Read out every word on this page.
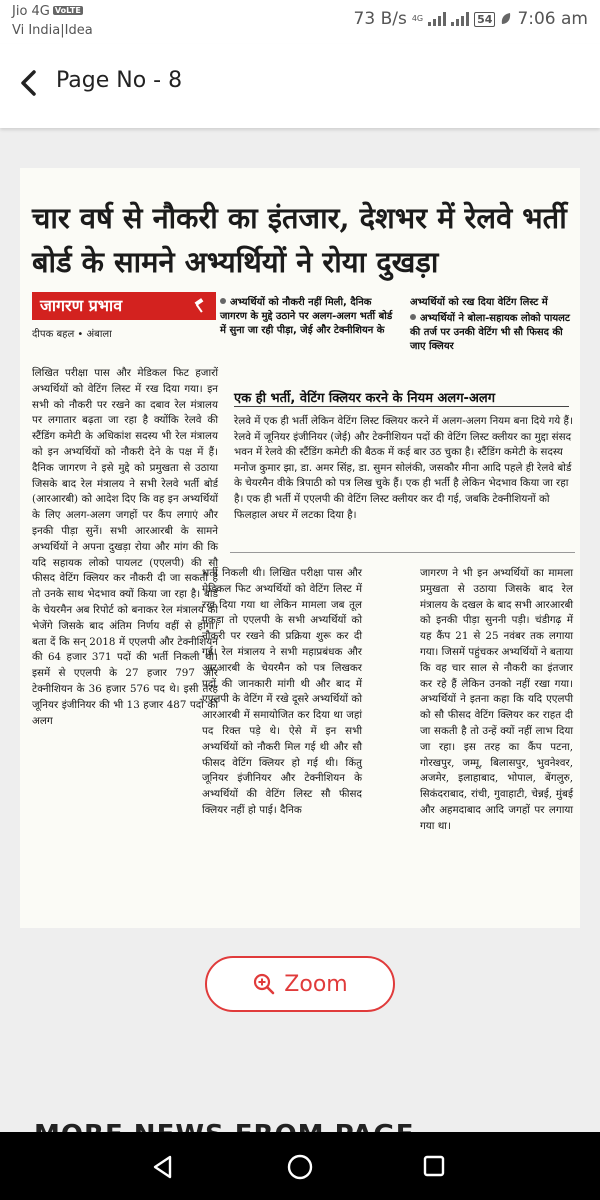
Jio 4G VoLTE
Vi India|Idea
73 B/s 4G	54 7:06 am
Page No - 8
चार वर्ष से नौकरी का इंतजार, देशभर में रेलवे भर्ती बोर्ड के सामने अभ्यर्थियों ने रोया दुखड़ा
जागरण प्रभाव
दीपक बहल • अंबाला
अभ्यर्थियों को नौकरी नहीं मिली, दैनिक जागरण के मुद्दे उठाने पर अलग-अलग भर्ती बोर्ड में सुना जा रही पीड़ा, जेई और टेक्नीशियन के
अभ्यर्थियों को रख दिया वेटिंग लिस्ट में
अभ्यर्थियों ने बोला-सहायक लोको पायलट की तर्ज पर उनकी वेटिंग भी सौ फिसद की जाए क्लियर
लिखित परीक्षा पास और मेडिकल फिट हजारों अभ्यर्थियों को वेटिंग लिस्ट में रख दिया गया। इन सभी को नौकरी पर रखने का दबाव रेल मंत्रालय पर लगातार बढ़ता जा रहा है क्योंकि रेलवे की स्टैंडिंग कमेटी के अधिकांश सदस्य भी रेल मंत्रालय को इन अभ्यर्थियों को नौकरी देने के पक्ष में हैं। दैनिक जागरण ने इसे मुद्दे को प्रमुखता से उठाया जिसके बाद रेल मंत्रालय ने सभी रेलवे भर्ती बोर्ड (आरआरबी) को आदेश दिए कि वह इन अभ्यर्थियों के लिए अलग-अलग जगहों पर कैंप लगाएं और इनकी पीड़ा सुनें। सभी आरआरबी के सामने अभ्यर्थियों ने अपना दुखड़ा रोया और मांग की कि यदि सहायक लोको पायलट (एएलपी) की सौ फीसद वेटिंग क्लियर कर नौकरी दी जा सकती है तो उनके साथ भेदभाव क्यों किया जा रहा है। बोर्ड के चेयरमैन अब रिपोर्ट को बनाकर रेल मंत्रालय को भेजेंगे जिसके बाद अंतिम निर्णय वहीं से होगा। बता दें कि सन् 2018 में एएलपी और टेक्नीशियन की 64 हजार 371 पदों की भर्ती निकली थी। इसमें से एएलपी के 27 हजार 797 और टेक्नीशियन के 36 हजार 576 पद थे। इसी तरह जूनियर इंजीनियर की भी 13 हजार 487 पदों की अलग
एक ही भर्ती, वेटिंग क्लियर करने के नियम अलग-अलग
रेलवे में एक ही भर्ती लेकिन वेटिंग लिस्ट क्लियर करने में अलग-अलग नियम बना दिये गये हैं। रेलवे में जूनियर इंजीनियर (जेई) और टेक्नीशियन पदों की वेटिंग लिस्ट क्लीयर का मुद्दा संसद भवन में रेलवे की स्टैंडिंग कमेटी की बैठक में कई बार उठ चुका है। स्टैंडिंग कमेटी के सदस्य मनोज कुमार झा, डा. अमर सिंह, डा. सुमन सोलंकी, जसकौर मीना आदि पहले ही रेलवे बोर्ड के चेयरमैन वीके त्रिपाठी को पत्र लिख चुके हैं। एक ही भर्ती है लेकिन भेदभाव किया जा रहा है। एक ही भर्ती में एएलपी की वेटिंग लिस्ट क्लीयर कर दी गई, जबकि टेक्नीशियनों को फिलहाल अधर में लटका दिया है।
भर्ती निकली थी। लिखित परीक्षा पास और मेडिकल फिट अभ्यर्थियों को वेटिंग लिस्ट में रख दिया गया था लेकिन मामला जब तूल पकड़ा तो एएलपी के सभी अभ्यर्थियों को नौकरी पर रखने की प्रक्रिया शुरू कर दी गई। रेल मंत्रालय ने सभी महाप्रबंधक और आरआरबी के चेयरमैन को पत्र लिखकर पदों की जानकारी मांगी थी और बाद में एएलपी के वेटिंग में रखे दूसरे अभ्यर्थियों को आरआरबी में समायोजित कर दिया था जहां पद रिक्त पड़े थे। ऐसे में इन सभी अभ्यर्थियों को नौकरी मिल गई थी और सौ फीसद वेटिंग क्लियर हो गई थी। किंतु जूनियर इंजीनियर और टेक्नीशियन के अभ्यर्थियों की वेटिंग लिस्ट सौ फीसद क्लियर नहीं हो पाई। दैनिक
जागरण ने भी इन अभ्यर्थियों का मामला प्रमुखता से उठाया जिसके बाद रेल मंत्रालय के दखल के बाद सभी आरआरबी को इनकी पीड़ा सुननी पड़ी। चंडीगढ़ में यह कैंप 21 से 25 नवंबर तक लगाया गया। जिसमें पहुंचकर अभ्यर्थियों ने बताया कि वह चार साल से नौकरी का इंतजार कर रहे हैं लेकिन उनको नहीं रखा गया। अभ्यर्थियों ने इतना कहा कि यदि एएलपी को सौ फीसद वेटिंग क्लियर कर राहत दी जा सकती है तो उन्हें क्यों नहीं लाभ दिया जा रहा। इस तरह का कैंप पटना, गोरखपुर, जम्मू, बिलासपुर, भुवनेश्वर, अजमेर, इलाहाबाद, भोपाल, बेंगलुरु, सिकंदराबाद, रांची, गुवाहाटी, चेन्नई, मुंबई और अहमदाबाद आदि जगहों पर लगाया गया था।
Zoom
